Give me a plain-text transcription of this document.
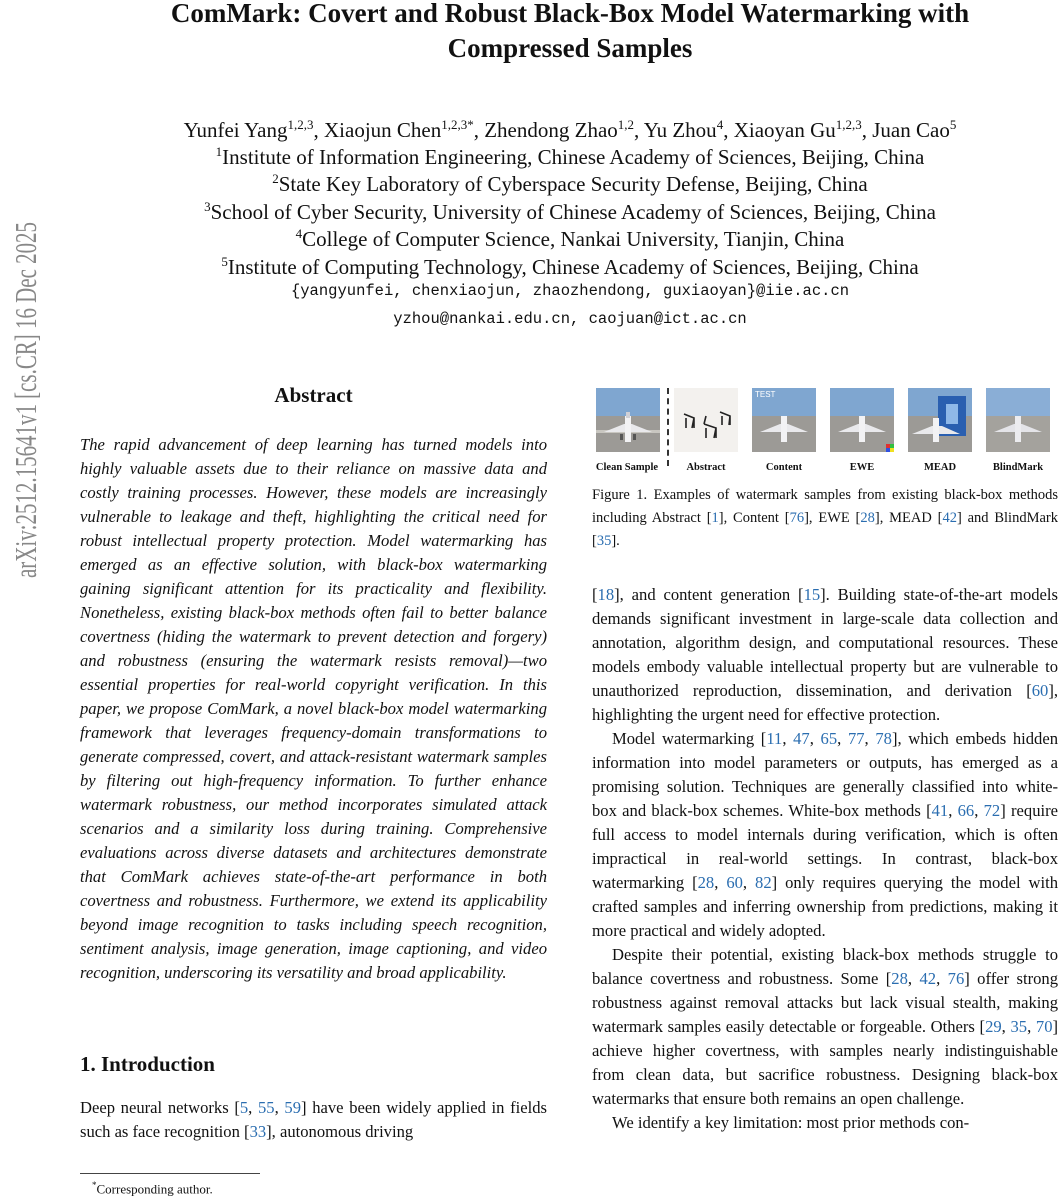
arXiv:2512.15641v1 [cs.CR] 16 Dec 2025
ComMark: Covert and Robust Black-Box Model Watermarking with
Compressed Samples
Yunfei Yang$^{1,2,3}$, Xiaojun Chen$^{1,2,3*}$, Zhendong Zhao$^{1,2}$, Yu Zhou$^4$, Xiaoyan Gu$^{1,2,3}$, Juan Cao$^5$
$^1$Institute of Information Engineering, Chinese Academy of Sciences, Beijing, China
$^2$State Key Laboratory of Cyberspace Security Defense, Beijing, China
$^3$School of Cyber Security, University of Chinese Academy of Sciences, Beijing, China
$^4$College of Computer Science, Nankai University, Tianjin, China
$^5$Institute of Computing Technology, Chinese Academy of Sciences, Beijing, China
{yangyunfei, chenxiaojun, zhaozhendong, guxiaoyan}@iie.ac.cn
yzhou@nankai.edu.cn, caojuan@ict.ac.cn
Abstract
The rapid advancement of deep learning has turned models into highly valuable assets due to their reliance on massive data and costly training processes. However, these models are increasingly vulnerable to leakage and theft, highlighting the critical need for robust intellectual property protection. Model watermarking has emerged as an effective solution, with black-box watermarking gaining significant attention for its practicality and flexibility. Nonetheless, existing black-box methods often fail to better balance covertness (hiding the watermark to prevent detection and forgery) and robustness (ensuring the watermark resists removal)—two essential properties for real-world copyright verification. In this paper, we propose ComMark, a novel black-box model watermarking framework that leverages frequency-domain transformations to generate compressed, covert, and attack-resistant watermark samples by filtering out high-frequency information. To further enhance watermark robustness, our method incorporates simulated attack scenarios and a similarity loss during training. Comprehensive evaluations across diverse datasets and architectures demonstrate that ComMark achieves state-of-the-art performance in both covertness and robustness. Furthermore, we extend its applicability beyond image recognition to tasks including speech recognition, sentiment analysis, image generation, image captioning, and video recognition, underscoring its versatility and broad applicability.
1. Introduction
Deep neural networks [5, 55, 59] have been widely applied in fields such as face recognition [33], autonomous driving
*Corresponding author.
TEST
Clean Sample	Abstract	Content	EWE	MEAD	BlindMark
Figure 1. Examples of watermark samples from existing black-box methods including Abstract [1], Content [76], EWE [28], MEAD [42] and BlindMark [35].

[18], and content generation [15]. Building state-of-the-art models demands significant investment in large-scale data collection and annotation, algorithm design, and computational resources. These models embody valuable intellectual property but are vulnerable to unauthorized reproduction, dissemination, and derivation [60], highlighting the urgent need for effective protection.

Model watermarking [11, 47, 65, 77, 78], which embeds hidden information into model parameters or outputs, has emerged as a promising solution. Techniques are generally classified into white-box and black-box schemes. White-box methods [41, 66, 72] require full access to model internals during verification, which is often impractical in real-world settings. In contrast, black-box watermarking [28, 60, 82] only requires querying the model with crafted samples and inferring ownership from predictions, making it more practical and widely adopted.

Despite their potential, existing black-box methods struggle to balance covertness and robustness. Some [28, 42, 76] offer strong robustness against removal attacks but lack visual stealth, making watermark samples easily detectable or forgeable. Others [29, 35, 70] achieve higher covertness, with samples nearly indistinguishable from clean data, but sacrifice robustness. Designing black-box watermarks that ensure both remains an open challenge.

We identify a key limitation: most prior methods con-
